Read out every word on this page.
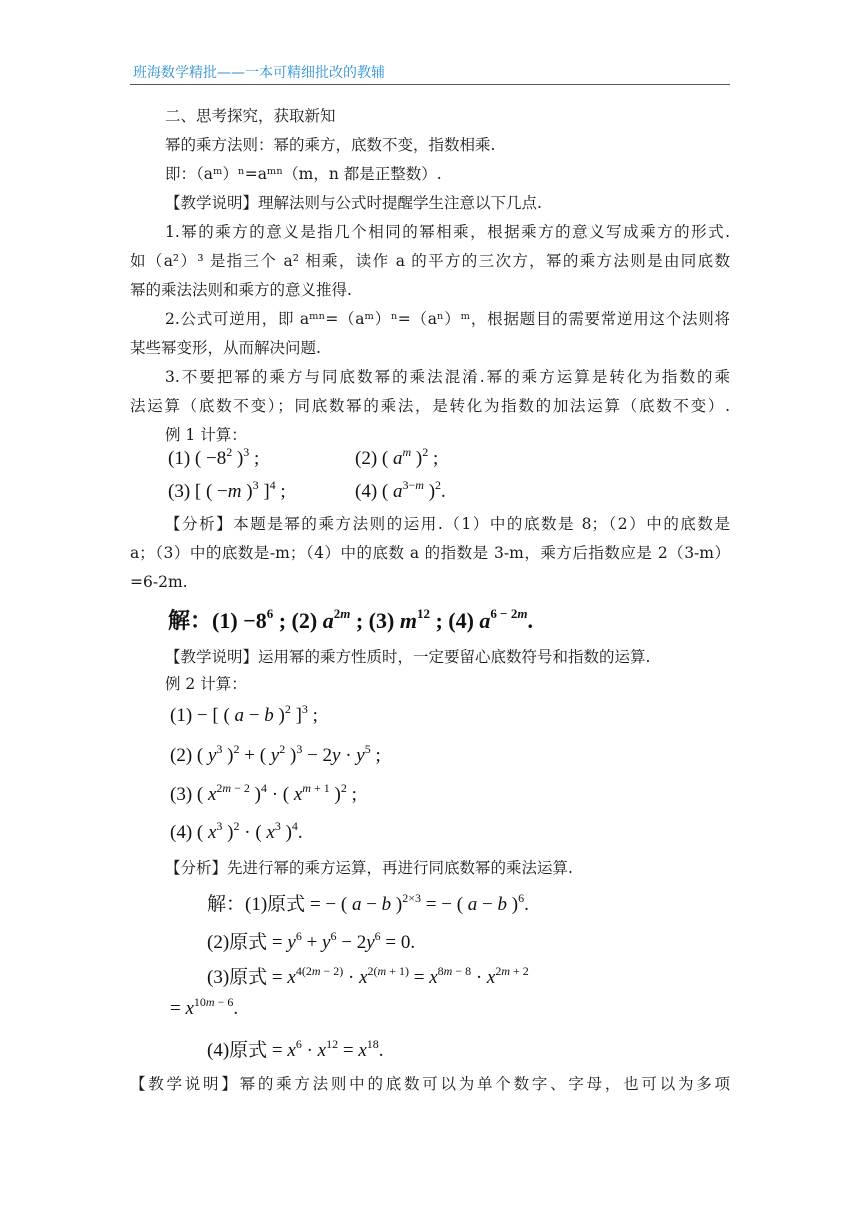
班海数学精批——一本可精细批改的教辅
二、思考探究，获取新知
幂的乘方法则：幂的乘方，底数不变，指数相乘.
即：（aᵐ）ⁿ=aᵐⁿ（m，n 都是正整数）.
【教学说明】理解法则与公式时提醒学生注意以下几点.
1.幂的乘方的意义是指几个相同的幂相乘，根据乘方的意义写成乘方的形式.
如（a²）³ 是指三个 a² 相乘，读作 a 的平方的三次方，幂的乘方法则是由同底数
幂的乘法法则和乘方的意义推得.
2.公式可逆用，即 aᵐⁿ=（aᵐ）ⁿ=（aⁿ）ᵐ，根据题目的需要常逆用这个法则将
某些幂变形，从而解决问题.
3.不要把幂的乘方与同底数幂的乘法混淆.幂的乘方运算是转化为指数的乘
法运算（底数不变）；同底数幂的乘法，是转化为指数的加法运算（底数不变）.
例 1 计算：
(1) ( $-8^2$ )$^3$ ;	(2) ( $a^m$ )$^2$ ;
(3) [ ( −m )$^3$ ]$^4$ ;	(4) ( $a^{3-m}$ )$^2$.
【分析】本题是幂的乘方法则的运用.（1）中的底数是 8；（2）中的底数是
a；（3）中的底数是-m；（4）中的底数 a 的指数是 3-m，乘方后指数应是 2（3-m）
=6-2m.
解：$(1) -8^6$ ; (2) $a^{2m}$ ; (3) $m^{12}$ ; (4) $a^{6 - 2m}$.
【教学说明】运用幂的乘方性质时，一定要留心底数符号和指数的运算.
例 2 计算：
(1) − [ ( a − b )$^2$ ]$^3$ ;
(2) ( $y^3$ )$^2$ + ( $y^2$ )$^3 - 2y \cdot y^5$ ;
(3) ( $x^{2m - 2}$ )$^4$ · ( $x^{m + 1}$ )$^2$ ;
(4) ( $x^3$ )$^2$ · ( $x^3$ )$^4$.
【分析】先进行幂的乘方运算，再进行同底数幂的乘法运算.
解：(1)原式 = − ( a − b )$^{2\times 3}$ = − ( a − b )$^6$.
(2)原式 = $y^6 + y^6 - 2y^6 = 0$.
(3)原式 = $x^{4(2m - 2)} \cdot x^{2(m + 1)} = x^{8m - 8} \cdot x^{2m + 2}$
= $x^{10m - 6}$.
(4)原式 = $x^6 \cdot x^{12} = x^{18}$.
【教学说明】幂的乘方法则中的底数可以为单个数字、字母，也可以为多项
